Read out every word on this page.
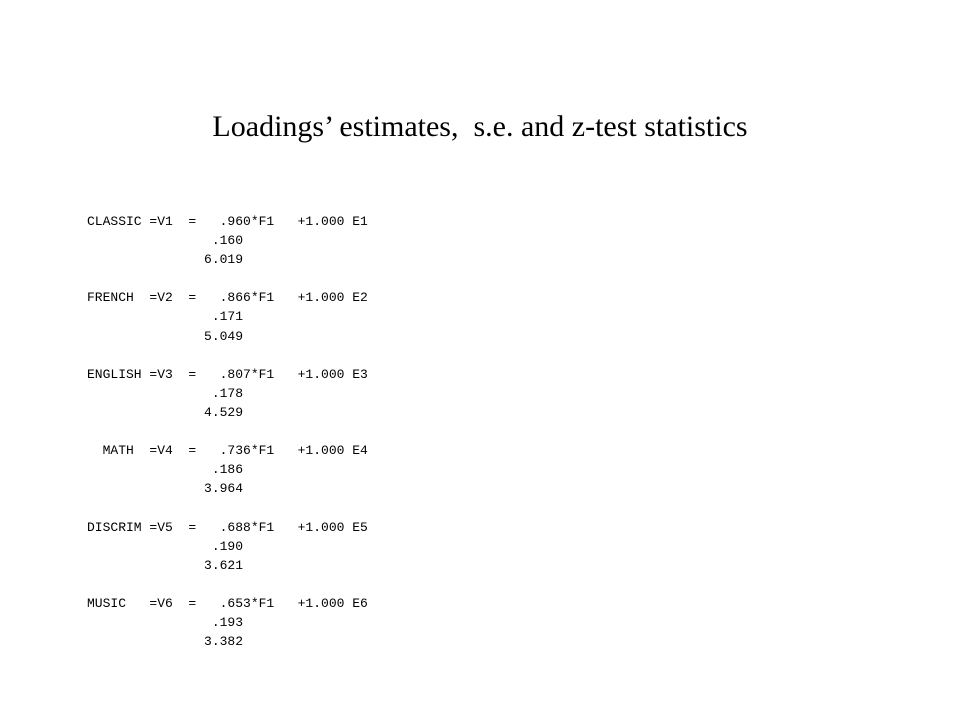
Loadings’ estimates,  s.e. and z-test statistics
CLASSIC =V1  =   .960*F1   +1.000 E1
.160
6.019
FRENCH  =V2  =   .866*F1   +1.000 E2
.171
5.049
ENGLISH =V3  =   .807*F1   +1.000 E3
.178
4.529
MATH  =V4  =   .736*F1   +1.000 E4
.186
3.964
DISCRIM =V5  =   .688*F1   +1.000 E5
.190
3.621
MUSIC   =V6  =   .653*F1   +1.000 E6
.193
3.382
